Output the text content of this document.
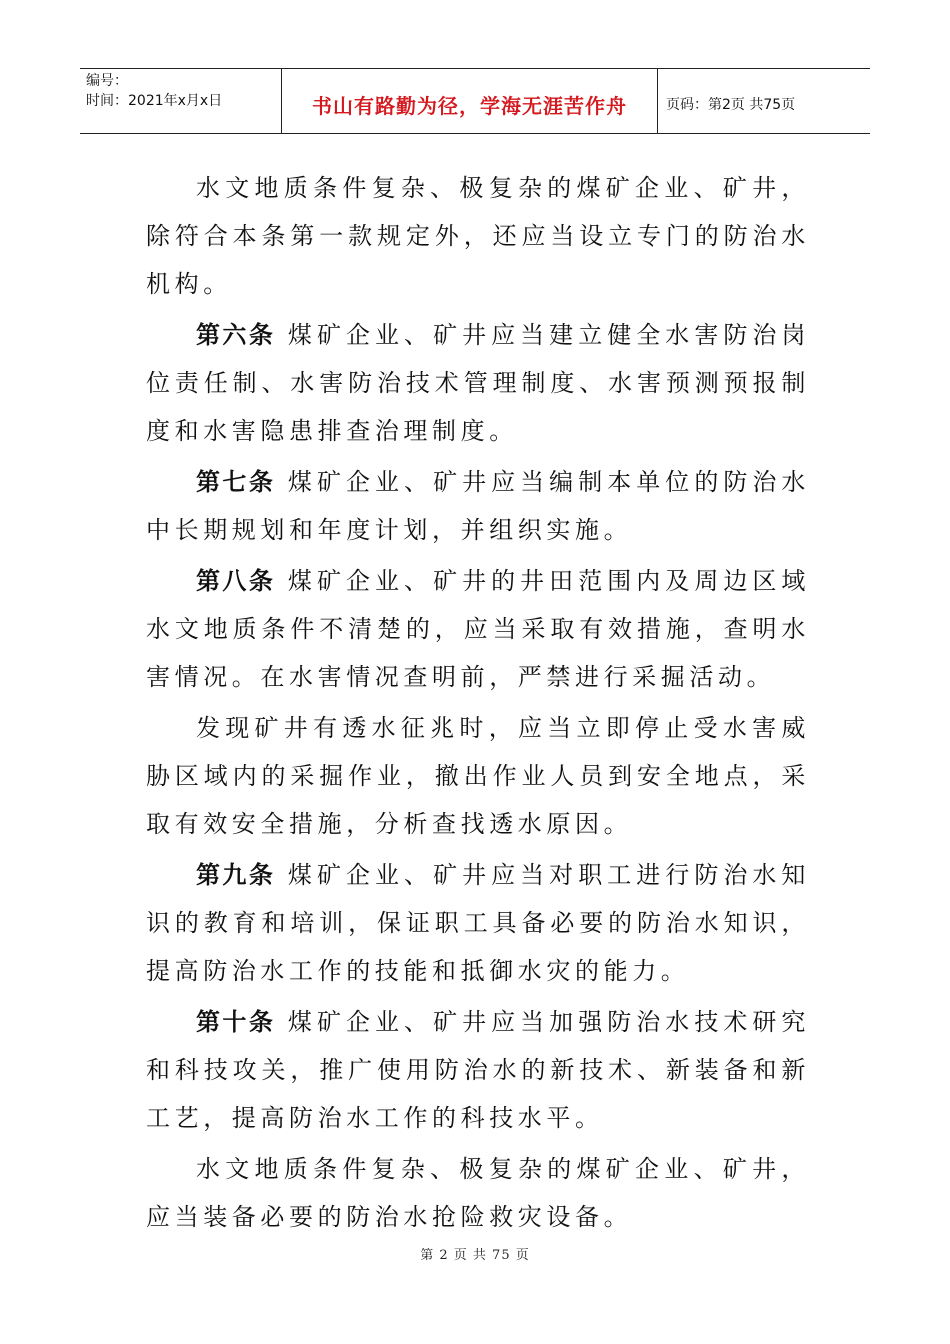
编号：
时间：2021年x月x日	书山有路勤为径，学海无涯苦作舟	页码：第2页 共75页

水文地质条件复杂、极复杂的煤矿企业、矿井，除符合本条第一款规定外，还应当设立专门的防治水机构。

第六条 煤矿企业、矿井应当建立健全水害防治岗位责任制、水害防治技术管理制度、水害预测预报制度和水害隐患排查治理制度。

第七条 煤矿企业、矿井应当编制本单位的防治水中长期规划和年度计划，并组织实施。

第八条 煤矿企业、矿井的井田范围内及周边区域水文地质条件不清楚的，应当采取有效措施，查明水害情况。在水害情况查明前，严禁进行采掘活动。

发现矿井有透水征兆时，应当立即停止受水害威胁区域内的采掘作业，撤出作业人员到安全地点，采取有效安全措施，分析查找透水原因。

第九条 煤矿企业、矿井应当对职工进行防治水知识的教育和培训，保证职工具备必要的防治水知识，提高防治水工作的技能和抵御水灾的能力。

第十条 煤矿企业、矿井应当加强防治水技术研究和科技攻关，推广使用防治水的新技术、新装备和新工艺，提高防治水工作的科技水平。

水文地质条件复杂、极复杂的煤矿企业、矿井，应当装备必要的防治水抢险救灾设备。

第 2 页 共 75 页
